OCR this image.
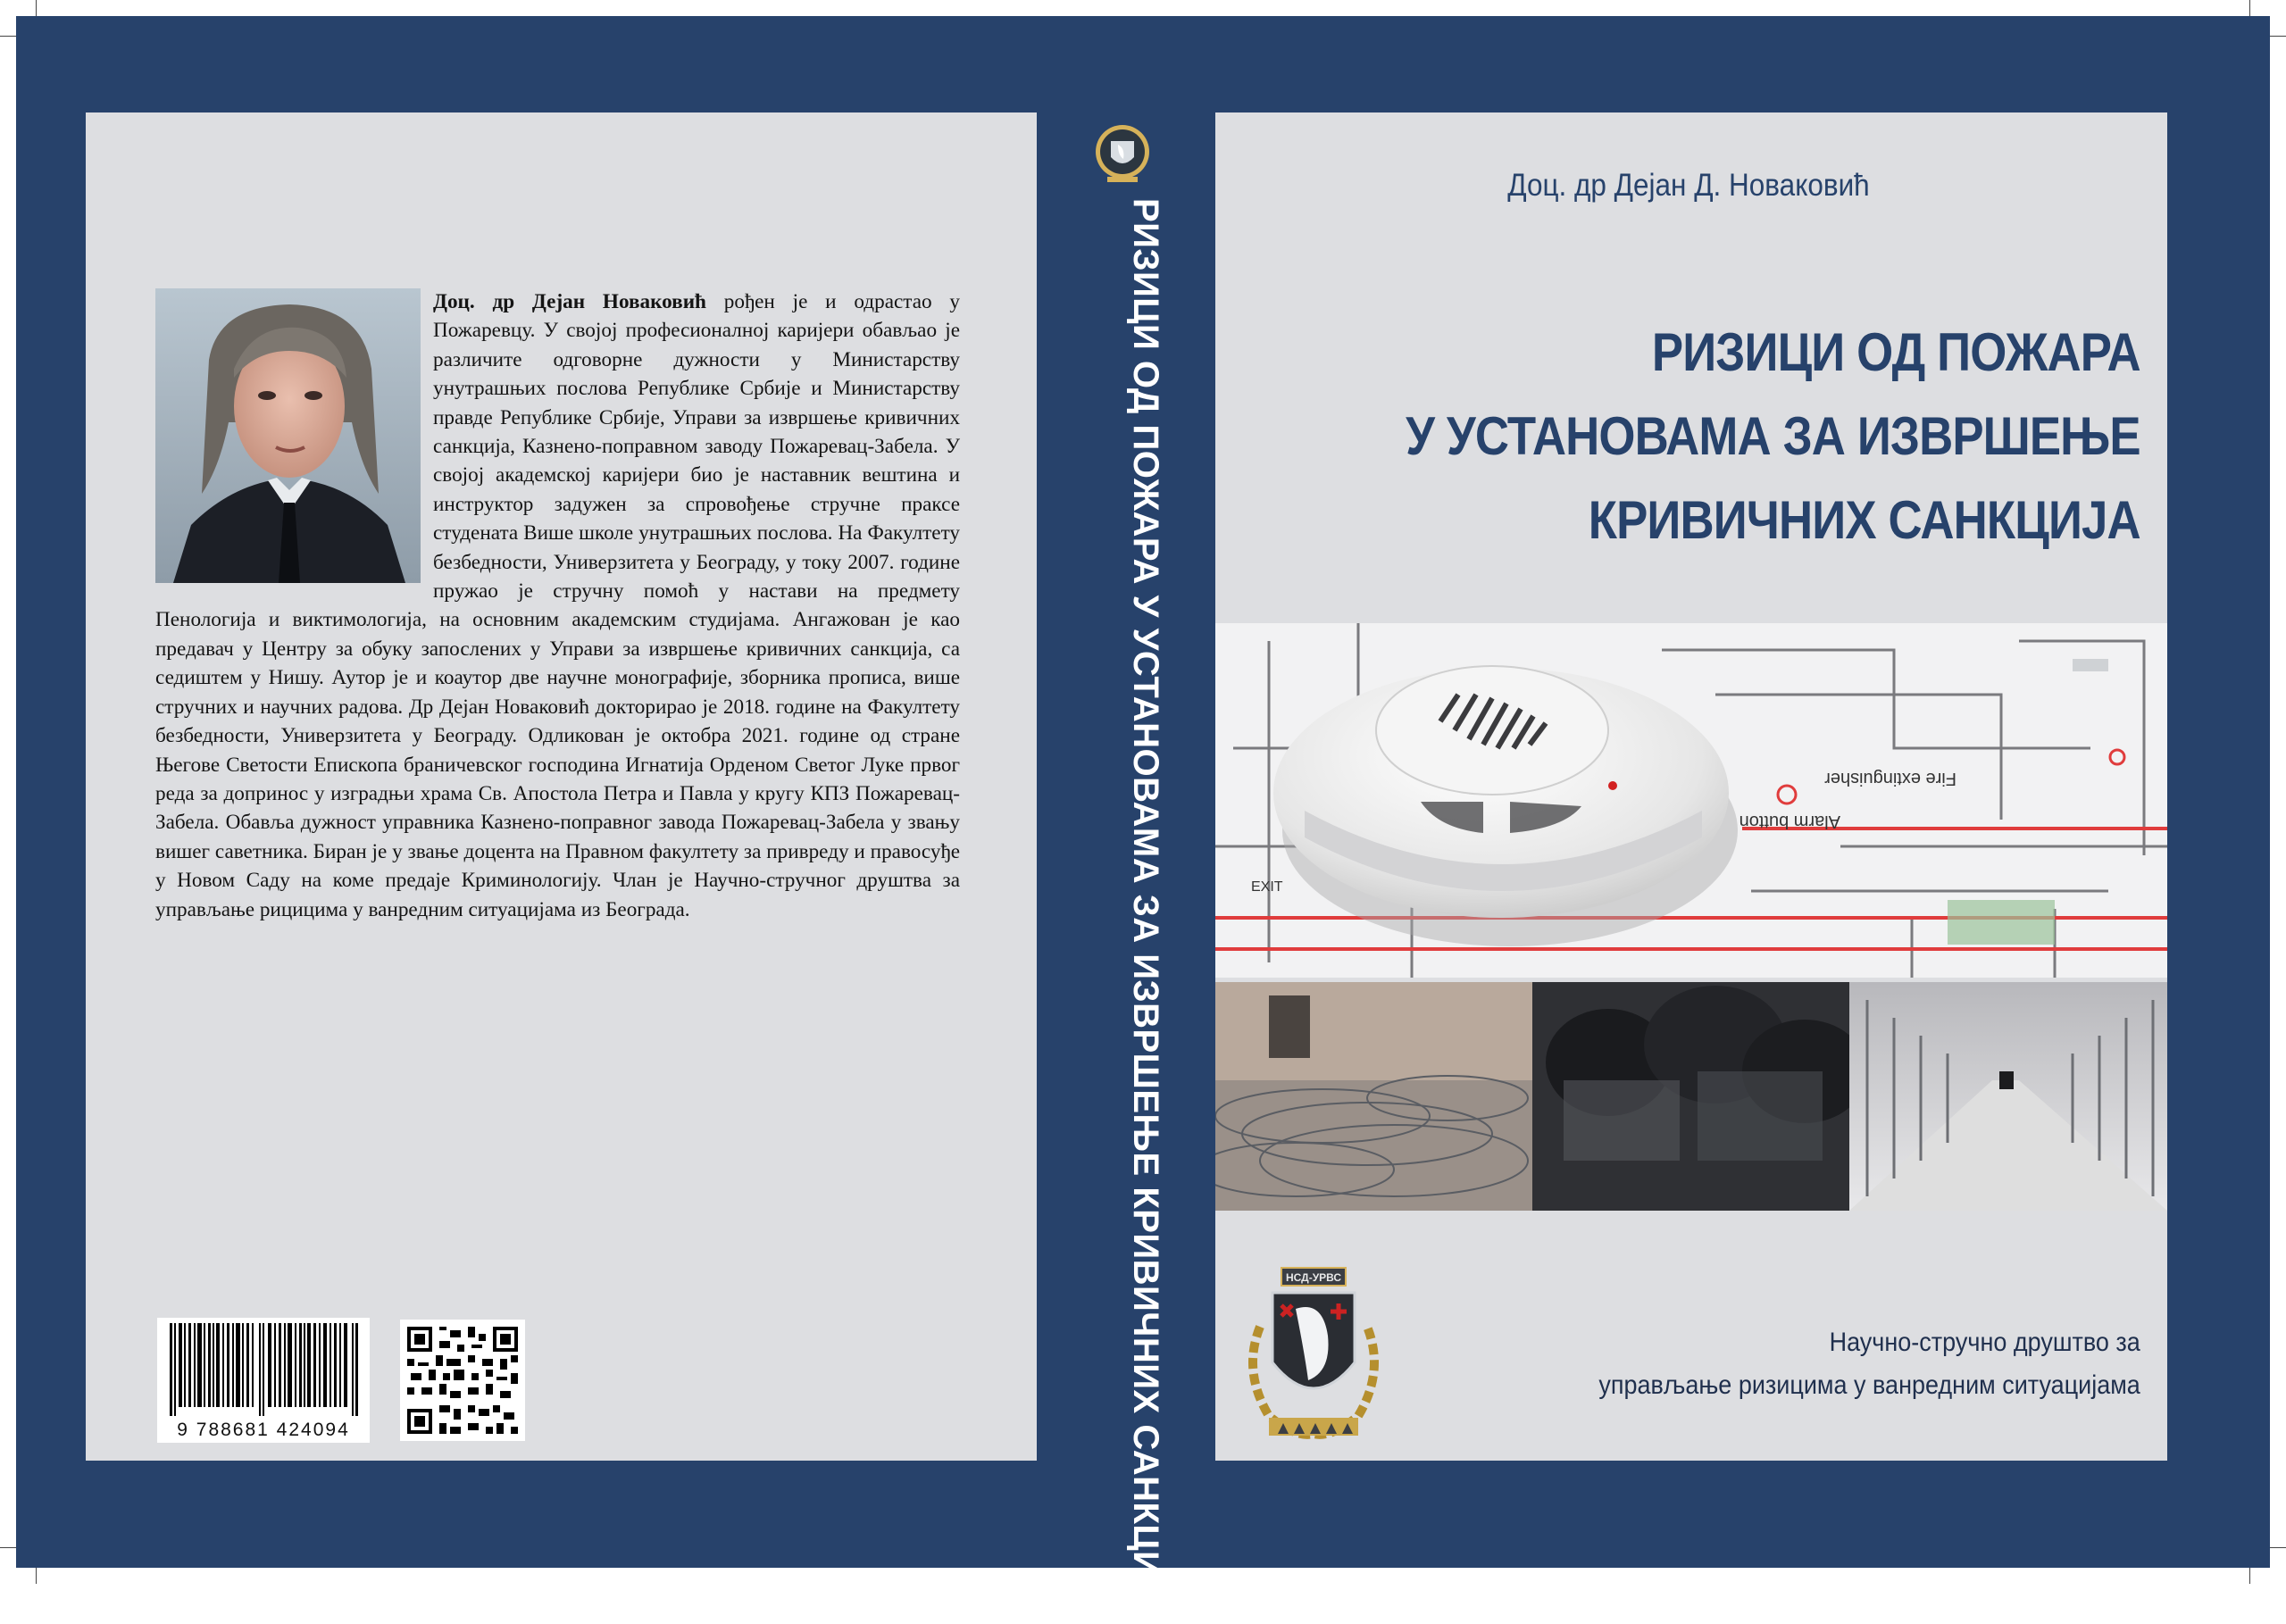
Доц. др Дејан Новаковић рођен је и одрастао у Пожаревцу. У својој професионалној каријери обављао је различите одговорне дужности у Министарству унутрашњих послова Републике Србије и Министарству правде Републике Србије, Управи за извршење кривичних санкција, Казнено-поправном заводу Пожаревац-Забела. У својој академској каријери био је наставник вештина и инструктор задужен за спровођење стручне праксе студената Више школе унутрашњих послова. На Факултету безбедности, Универзитета у Београду, у току 2007. године пружао је стручну помоћ у настави на предмету Пенологија и виктимологија, на основним академским студијама. Ангажован је као предавач у Центру за обуку запослених у Управи за извршење кривичних санкција, са седиштем у Нишу. Аутор је и коаутор две научне монографије, зборника прописа, више стручних и научних радова. Др Дејан Новаковић докторирао је 2018. године на Факултету безбедности, Универзитета у Београду. Одликован је октобра 2021. године од стране Његове Светости Епископа браничевског господина Игнатија Орденом Светог Луке првог реда за допринос у изградњи храма Св. Апостола Петра и Павла у кругу КПЗ Пожаревац-Забела. Обавља дужност управника Казнено-поправног завода Пожаревац-Забела у звању вишег саветника. Биран је у звање доцента на Правном факултету за привреду и правосуђе у Новом Саду на коме предаје Криминологију. Члан је Научно-стручног друштва за управљање рицицима у ванредним ситуацијама из Београда.
9 788681 424094	РИЗИЦИ ОД ПОЖАРА У УСТАНОВАМА ЗА ИЗВРШЕЊЕ КРИВИЧНИХ САНКЦИЈА
Доц. др Дејан Д. Новаковић
РИЗИЦИ ОД ПОЖАРА
У УСТАНОВАМА ЗА ИЗВРШЕЊЕ
КРИВИЧНИХ САНКЦИЈА
Fire extinguisher
Alarm button
EXIT
НСД-УРВС
Научно-стручно друштво за
управљање ризицима у ванредним ситуацијама
